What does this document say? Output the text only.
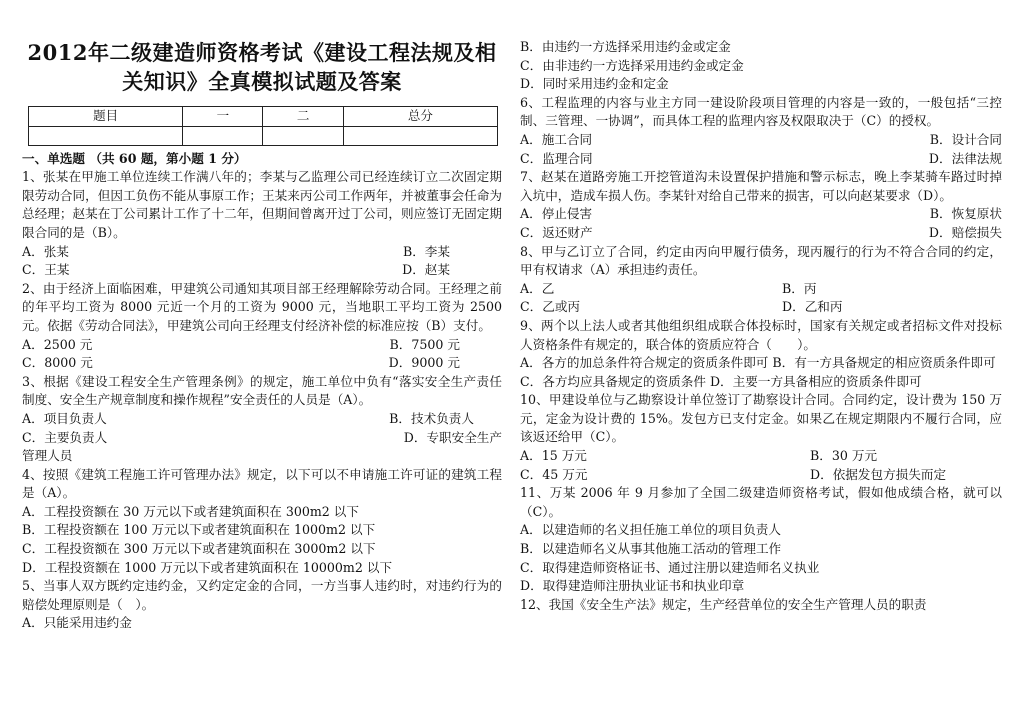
2012年二级建造师资格考试《建设工程法规及相
关知识》全真模拟试题及答案
题目	一	二	总分

一、单选题 （共 60 题，第小题 1 分）
1、张某在甲施工单位连续工作满八年的；李某与乙监理公司已经连续订立二次固定期限劳动合同，但因工负伤不能从事原工作；王某来丙公司工作两年，并被董事会任命为总经理；赵某在丁公司累计工作了十二年，但期间曾离开过丁公司，则应签订无固定期限合同的是（B）。
A．张某	B．李某
C．王某	D．赵某
2、由于经济上面临困难，甲建筑公司通知其项目部王经理解除劳动合同。王经理之前的年平均工资为 8000 元近一个月的工资为 9000 元，当地职工平均工资为 2500 元。依据《劳动合同法》，甲建筑公司向王经理支付经济补偿的标准应按（B）支付。
A．2500 元	B．7500 元
C．8000 元	D．9000 元
3、根据《建设工程安全生产管理条例》的规定，施工单位中负有“落实安全生产责任制度、安全生产规章制度和操作规程”安全责任的人员是（A）。
A．项目负责人	B．技术负责人
C．主要负责人	D．专职安全生产
管理人员
4、按照《建筑工程施工许可管理办法》规定，以下可以不申请施工许可证的建筑工程是（A）。
A．工程投资额在 30 万元以下或者建筑面积在 300m2 以下
B．工程投资额在 100 万元以下或者建筑面积在 1000m2 以下
C．工程投资额在 300 万元以下或者建筑面积在 3000m2 以下
D．工程投资额在 1000 万元以下或者建筑面积在 10000m2 以下
5、当事人双方既约定违约金，又约定定金的合同，一方当事人违约时，对违约行为的赔偿处理原则是（　）。
A．只能采用违约金
B．由违约一方选择采用违约金或定金
C．由非违约一方选择采用违约金或定金
D．同时采用违约金和定金
6、工程监理的内容与业主方同一建设阶段项目管理的内容是一致的，一般包括“三控制、三管理、一协调”，而具体工程的监理内容及权限取决于（C）的授权。
A．施工合同	B．设计合同
C．监理合同	D．法律法规
7、赵某在道路旁施工开挖管道沟未设置保护措施和警示标志，晚上李某骑车路过时掉入坑中，造成车损人伤。李某针对给自己带来的损害，可以向赵某要求（D）。
A．停止侵害	B．恢复原状
C．返还财产	D．赔偿损失
8、甲与乙订立了合同，约定由丙向甲履行债务，现丙履行的行为不符合合同的约定，甲有权请求（A）承担违约责任。
A．乙	B．丙
C．乙或丙	D．乙和丙
9、两个以上法人或者其他组织组成联合体投标时，国家有关规定或者招标文件对投标人资格条件有规定的，联合体的资质应符合（　　）。
A．各方的加总条件符合规定的资质条件即可 B．有一方具备规定的相应资质条件即可
C．各方均应具备规定的资质条件 D．主要一方具备相应的资质条件即可
10、甲建设单位与乙勘察设计单位签订了勘察设计合同。合同约定，设计费为 150 万元，定金为设计费的 15%。发包方已支付定金。如果乙在规定期限内不履行合同，应该返还给甲（C）。
A．15 万元	B．30 万元
C．45 万元	D．依据发包方损失而定
11、万某 2006 年 9 月参加了全国二级建造师资格考试，假如他成绩合格，就可以（C）。
A．以建造师的名义担任施工单位的项目负责人
B．以建造师名义从事其他施工活动的管理工作
C．取得建造师资格证书、通过注册以建造师名义执业
D．取得建造师注册执业证书和执业印章
12、我国《安全生产法》规定，生产经营单位的安全生产管理人员的职责
